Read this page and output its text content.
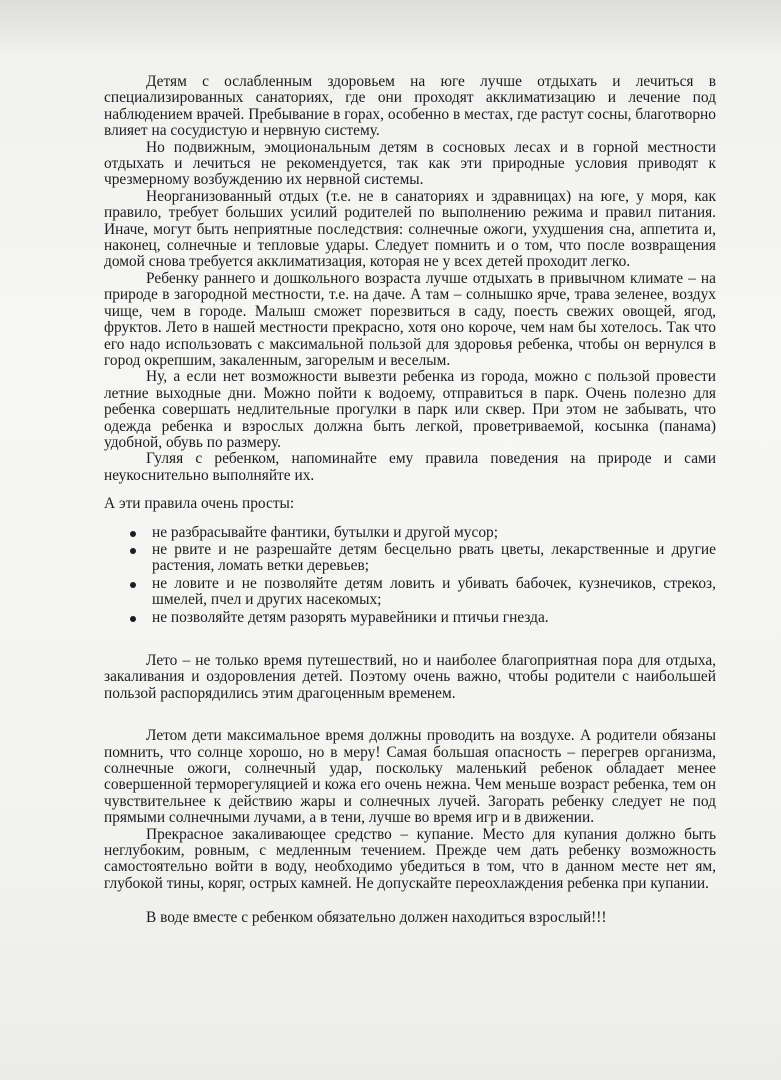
Детям с ослабленным здоровьем на юге лучше отдыхать и лечиться в специализированных санаториях, где они проходят акклиматизацию и лечение под наблюдением врачей. Пребывание в горах, особенно в местах, где растут сосны, благотворно влияет на сосудистую и нервную систему.

Но подвижным, эмоциональным детям в сосновых лесах и в горной местности отдыхать и лечиться не рекомендуется, так как эти природные условия приводят к чрезмерному возбуждению их нервной системы.

Неорганизованный отдых (т.е. не в санаториях и здравницах) на юге, у моря, как правило, требует больших усилий родителей по выполнению режима и правил питания. Иначе, могут быть неприятные последствия: солнечные ожоги, ухудшения сна, аппетита и, наконец, солнечные и тепловые удары. Следует помнить и о том, что после возвращения домой снова требуется акклиматизация, которая не у всех детей проходит легко.

Ребенку раннего и дошкольного возраста лучше отдыхать в привычном климате – на природе в загородной местности, т.е. на даче. А там – солнышко ярче, трава зеленее, воздух чище, чем в городе. Малыш сможет порезвиться в саду, поесть свежих овощей, ягод, фруктов. Лето в нашей местности прекрасно, хотя оно короче, чем нам бы хотелось. Так что его надо использовать с максимальной пользой для здоровья ребенка, чтобы он вернулся в город окрепшим, закаленным, загорелым и веселым.

Ну, а если нет возможности вывезти ребенка из города, можно с пользой провести летние выходные дни. Можно пойти к водоему, отправиться в парк. Очень полезно для ребенка совершать недлительные прогулки в парк или сквер. При этом не забывать, что одежда ребенка и взрослых должна быть легкой, проветриваемой, косынка (панама) удобной, обувь по размеру.

Гуляя с ребенком, напоминайте ему правила поведения на природе и сами неукоснительно выполняйте их.

А эти правила очень просты:

не разбрасывайте фантики, бутылки и другой мусор;
не рвите и не разрешайте детям бесцельно рвать цветы, лекарственные и другие растения, ломать ветки деревьев;
не ловите и не позволяйте детям ловить и убивать бабочек, кузнечиков, стрекоз, шмелей, пчел и других насекомых;
не позволяйте детям разорять муравейники и птичьи гнезда.

Лето – не только время путешествий, но и наиболее благоприятная пора для отдыха, закаливания и оздоровления детей. Поэтому очень важно, чтобы родители с наибольшей пользой распорядились этим драгоценным временем.

Летом дети максимальное время должны проводить на воздухе. А родители обязаны помнить, что солнце хорошо, но в меру! Самая большая опасность – перегрев организма, солнечные ожоги, солнечный удар, поскольку маленький ребенок обладает менее совершенной терморегуляцией и кожа его очень нежна. Чем меньше возраст ребенка, тем он чувствительнее к действию жары и солнечных лучей. Загорать ребенку следует не под прямыми солнечными лучами, а в тени, лучше во время игр и в движении.

Прекрасное закаливающее средство – купание. Место для купания должно быть неглубоким, ровным, с медленным течением. Прежде чем дать ребенку возможность самостоятельно войти в воду, необходимо убедиться в том, что в данном месте нет ям, глубокой тины, коряг, острых камней. Не допускайте переохлаждения ребенка при купании.

В воде вместе с ребенком обязательно должен находиться взрослый!!!
